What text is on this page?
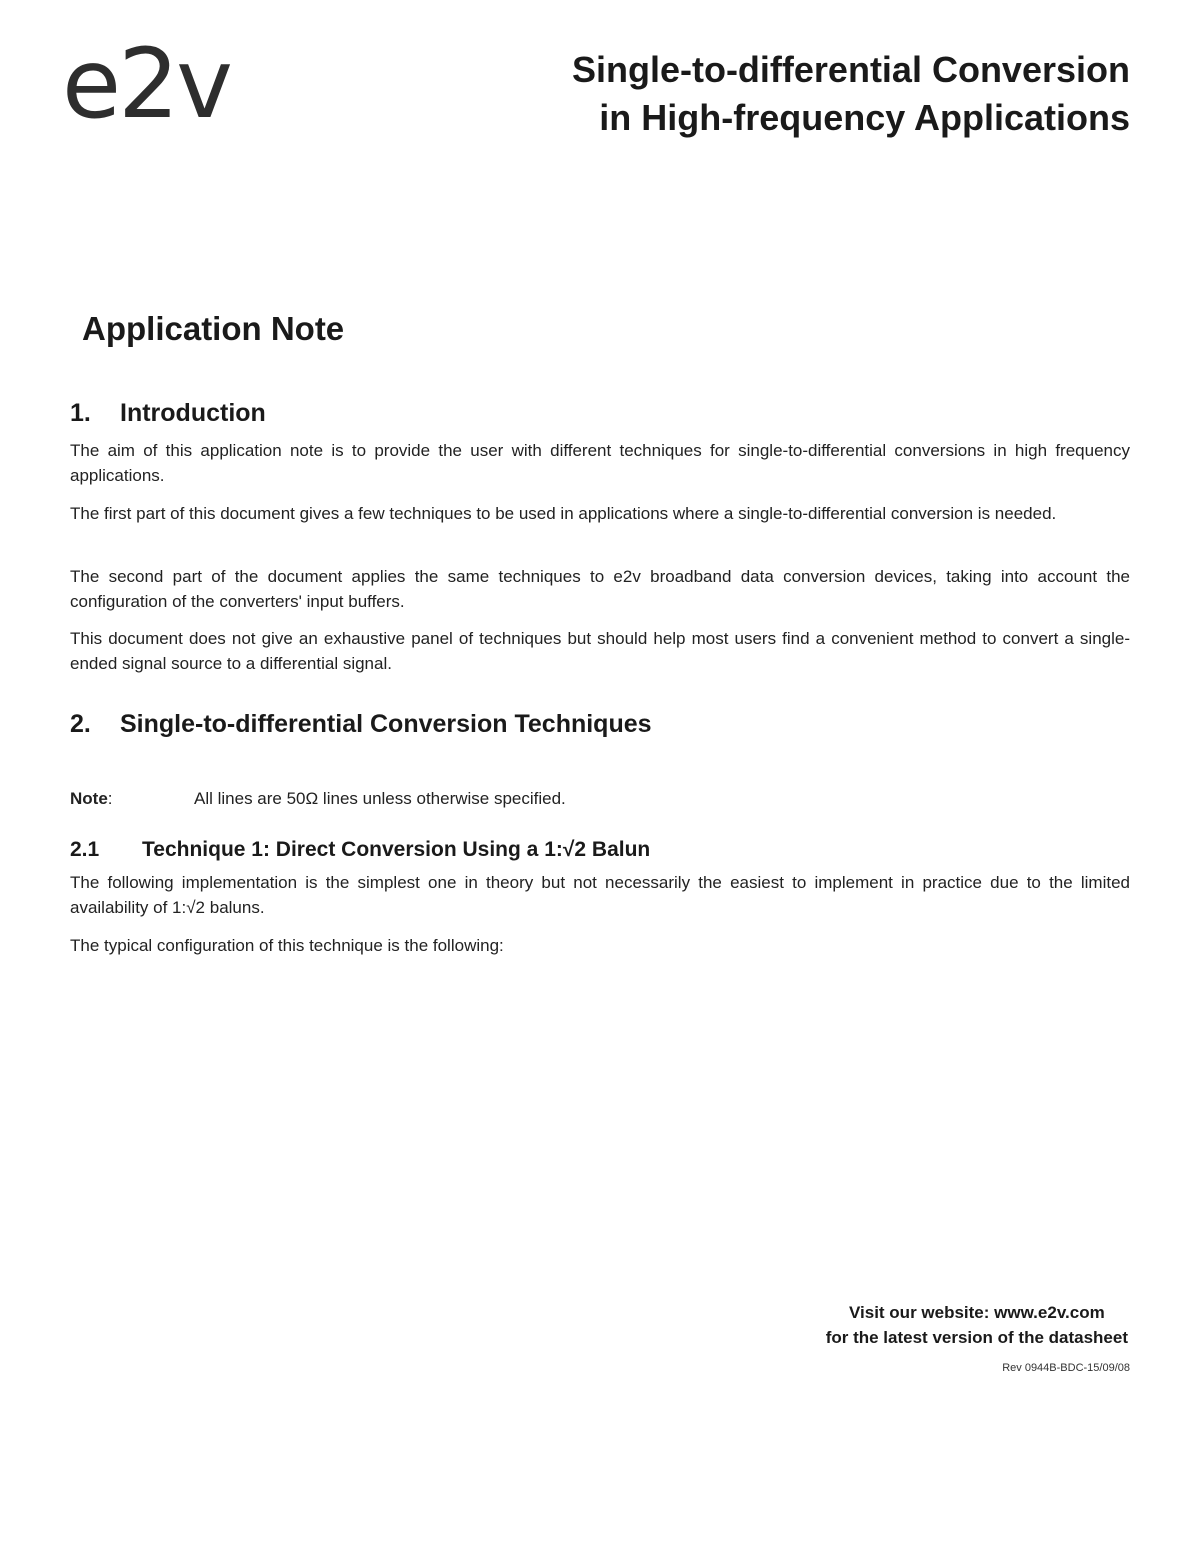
e2v	Single-to-differential Conversion
in High-frequency Applications
Application Note
1. Introduction

The aim of this application note is to provide the user with different techniques for single-to-differential conversions in high frequency applications.

The first part of this document gives a few techniques to be used in applications where a single-to-differential conversion is needed.

The second part of the document applies the same techniques to e2v broadband data conversion devices, taking into account the configuration of the converters' input buffers.

This document does not give an exhaustive panel of techniques but should help most users find a convenient method to convert a single-ended signal source to a differential signal.

2. Single-to-differential Conversion Techniques
Note:	All lines are 50Ω lines unless otherwise specified.
2.1 Technique 1: Direct Conversion Using a 1:√2 Balun

The following implementation is the simplest one in theory but not necessarily the easiest to implement in practice due to the limited availability of 1:√2 baluns.

The typical configuration of this technique is the following:

Visit our website: www.e2v.com
for the latest version of the datasheet
Rev 0944B-BDC-15/09/08
